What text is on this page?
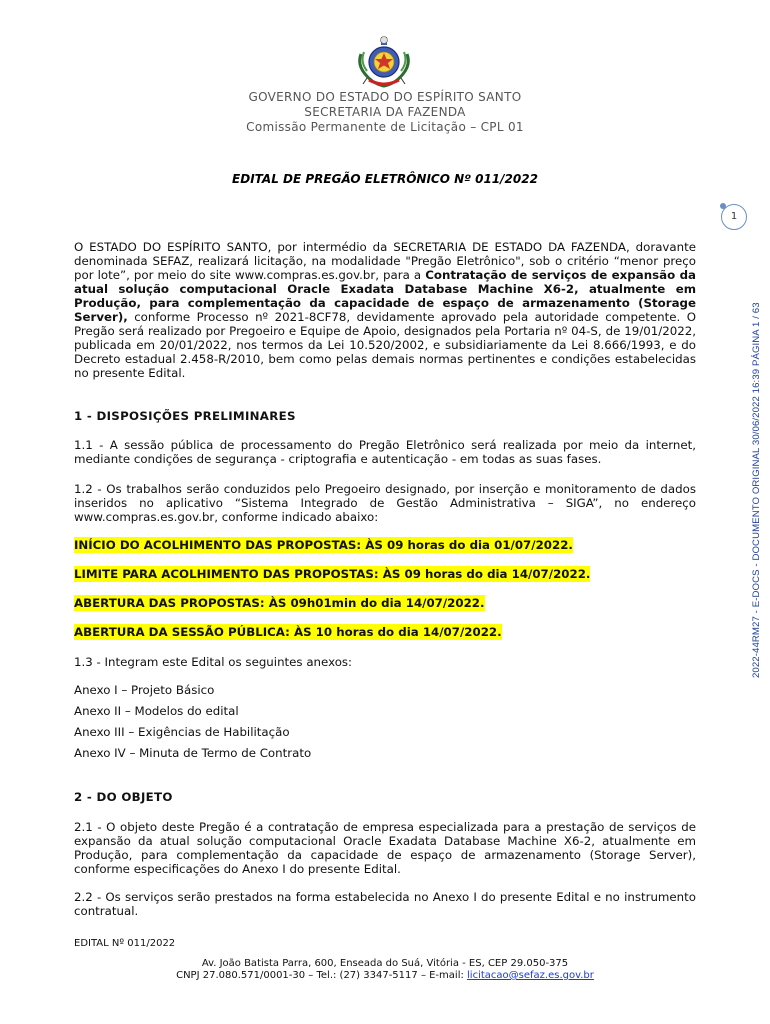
GOVERNO DO ESTADO DO ESPÍRITO SANTO
SECRETARIA DA FAZENDA
Comissão Permanente de Licitação – CPL 01
EDITAL DE PREGÃO ELETRÔNICO Nº 011/2022
1
2022-44RM27 - E-DOCS - DOCUMENTO ORIGINAL 30/06/2022 16:39 PÁGINA 1 / 63
O ESTADO DO ESPÍRITO SANTO, por intermédio da SECRETARIA DE ESTADO DA FAZENDA, doravante denominada SEFAZ, realizará licitação, na modalidade "Pregão Eletrônico", sob o critério “menor preço por lote”, por meio do site www.compras.es.gov.br, para a Contratação de serviços de expansão da atual solução computacional Oracle Exadata Database Machine X6-2, atualmente em Produção, para complementação da capacidade de espaço de armazenamento (Storage Server), conforme Processo nº 2021-8CF78, devidamente aprovado pela autoridade competente. O Pregão será realizado por Pregoeiro e Equipe de Apoio, designados pela Portaria nº 04-S, de 19/01/2022, publicada em 20/01/2022, nos termos da Lei 10.520/2002, e subsidiariamente da Lei 8.666/1993, e do Decreto estadual 2.458-R/2010, bem como pelas demais normas pertinentes e condições estabelecidas no presente Edital.
1 - DISPOSIÇÕES PRELIMINARES
1.1 - A sessão pública de processamento do Pregão Eletrônico será realizada por meio da internet, mediante condições de segurança - criptografia e autenticação - em todas as suas fases.
1.2 - Os trabalhos serão conduzidos pelo Pregoeiro designado, por inserção e monitoramento de dados inseridos no aplicativo “Sistema Integrado de Gestão Administrativa – SIGA”, no endereço www.compras.es.gov.br, conforme indicado abaixo:
INÍCIO DO ACOLHIMENTO DAS PROPOSTAS: ÀS 09 horas do dia 01/07/2022.
LIMITE PARA ACOLHIMENTO DAS PROPOSTAS: ÀS 09 horas do dia 14/07/2022.
ABERTURA DAS PROPOSTAS: ÀS 09h01min do dia 14/07/2022.
ABERTURA DA SESSÃO PÚBLICA: ÀS 10 horas do dia 14/07/2022.
1.3 - Integram este Edital os seguintes anexos:
Anexo I – Projeto Básico
Anexo II – Modelos do edital
Anexo III – Exigências de Habilitação
Anexo IV – Minuta de Termo de Contrato
2 - DO OBJETO
2.1 - O objeto deste Pregão é a contratação de empresa especializada para a prestação de serviços de expansão da atual solução computacional Oracle Exadata Database Machine X6-2, atualmente em Produção, para complementação da capacidade de espaço de armazenamento (Storage Server), conforme especificações do Anexo I do presente Edital.
2.2 - Os serviços serão prestados na forma estabelecida no Anexo I do presente Edital e no instrumento contratual.
EDITAL Nº 011/2022
Av. João Batista Parra, 600, Enseada do Suá, Vitória - ES, CEP 29.050-375
CNPJ 27.080.571/0001-30 – Tel.: (27) 3347-5117 – E-mail: licitacao@sefaz.es.gov.br
